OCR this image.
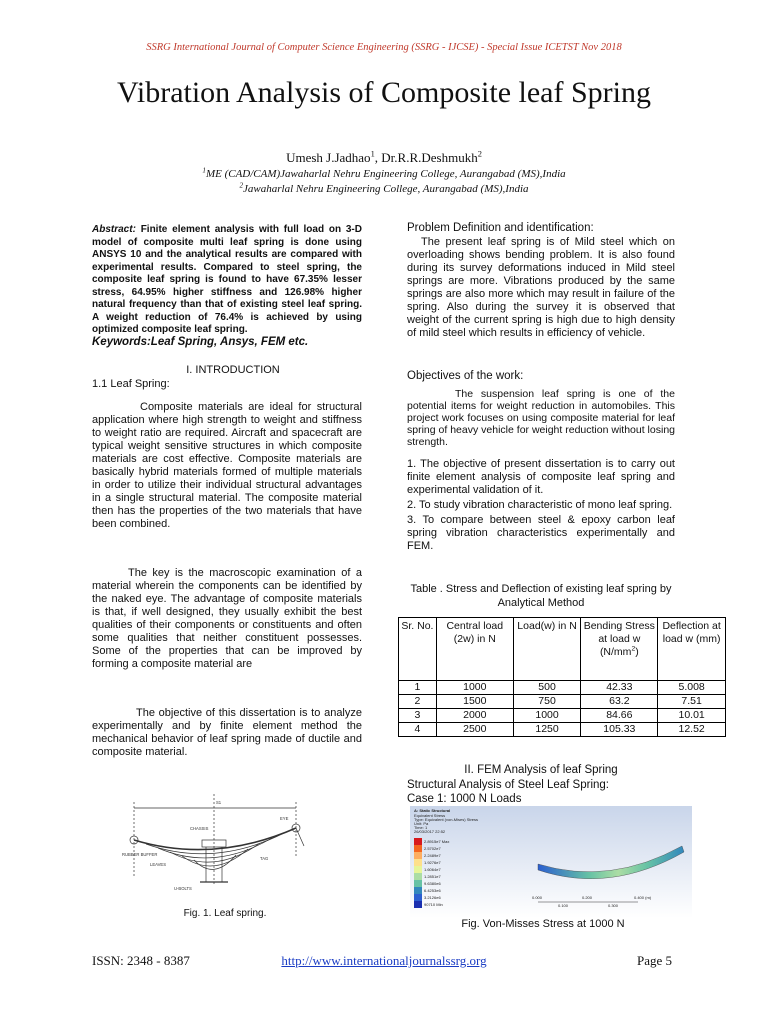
SSRG International Journal of Computer Science Engineering (SSRG - IJCSE) - Special Issue ICETST Nov 2018
Vibration Analysis of Composite leaf Spring
Umesh J.Jadhao$^1$, Dr.R.R.Deshmukh$^2$
$^1$ME (CAD/CAM)Jawaharlal Nehru Engineering College, Aurangabad (MS),India
$^2$Jawaharlal Nehru Engineering College, Aurangabad (MS),India
Abstract: Finite element analysis with full load on 3-D model of composite multi leaf spring is done using ANSYS 10 and the analytical results are compared with experimental results. Compared to steel spring, the composite leaf spring is found to have 67.35% lesser stress, 64.95% higher stiffness and 126.98% higher natural frequency than that of existing steel leaf spring. A weight reduction of 76.4% is achieved by using optimized composite leaf spring.
Keywords:Leaf Spring, Ansys, FEM etc.
I. INTRODUCTION
1.1 Leaf Spring:
Composite materials are ideal for structural application where high strength to weight and stiffness to weight ratio are required. Aircraft and spacecraft are typical weight sensitive structures in which composite materials are cost effective. Composite materials are basically hybrid materials formed of multiple materials in order to utilize their individual structural advantages in a single structural material. The composite material then has the properties of the two materials that have been combined.
The key is the macroscopic examination of a material wherein the components can be identified by the naked eye. The advantage of composite materials is that, if well designed, they usually exhibit the best qualities of their components or constituents and often some qualities that neither constituent possesses. Some of the properties that can be improved by forming a composite material are
The objective of this dissertation is to analyze experimentally and by finite element method the mechanical behavior of leaf spring made of ductile and composite material.
S1
CHASSIS
EYE
RUBBER BUFFER
LEAVES
TAG
U-BOLTS
Fig. 1. Leaf spring.
Problem Definition and identification:
The present leaf spring is of Mild steel which on overloading shows bending problem. It is also found during its survey deformations induced in Mild steel springs are more. Vibrations produced by the same springs are also more which may result in failure of the spring. Also during the survey it is observed that weight of the current spring is high due to high density of mild steel which results in efficiency of vehicle.
Objectives of the work:
The suspension leaf spring is one of the potential items for weight reduction in automobiles. This project work focuses on using composite material for leaf spring of heavy vehicle for weight reduction without losing strength.
1. The objective of present dissertation is to carry out finite element analysis of composite leaf spring and experimental validation of it.
2. To study vibration characteristic of mono leaf spring.
3. To compare between steel & epoxy carbon leaf spring vibration characteristics experimentally and FEM.
Table . Stress and Deflection of existing leaf spring by Analytical Method
Sr. No.	Central load (2w) in N	Load(w) in N	Bending Stress at load w $(N/mm^2)$	Deflection at load w (mm)
1	1000	500	42.33	5.008
2	1500	750	63.2	7.51
3	2000	1000	84.66	10.01
4	2500	1250	105.33	12.52
II. FEM Analysis of leaf Spring
Structural Analysis of Steel Leaf Spring:
Case 1: 1000 N Loads
A: Static Structural
Equivalent Stress
Type: Equivalent (von-Mises) Stress
Unit: Pa
Time: 1
26/03/2017 22:52
2.8915e7 Max
2.5702e7
2.2489e7
1.9276e7
1.6064e7
1.2851e7
9.6380e6
6.4253e6
3.2126e6
90710 Min
0.000	0.200	0.400 (m)
0.100	0.300
Fig. Von-Misses Stress at 1000 N
ISSN: 2348 - 8387	http://www.internationaljournalssrg.org	Page 5
